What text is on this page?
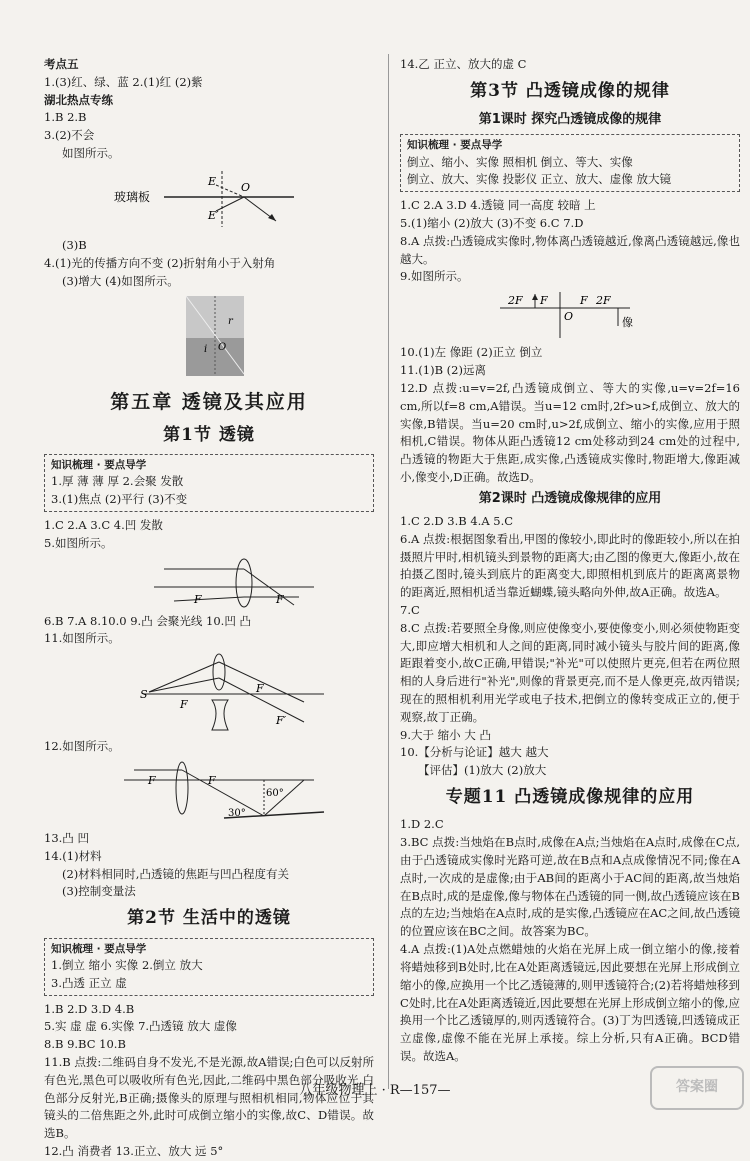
考点五
1.(3)红、绿、蓝 2.(1)红 (2)紫
湖北热点专练
1.B 2.B
3.(2)不会
如图所示。
玻璃板
E
E′
O
(3)B
4.(1)光的传播方向不变 (2)折射角小于入射角
(3)增大 (4)如图所示。
r
i O
第五章 透镜及其应用
第1节 透镜
知识梳理 · 要点导学
1.厚 薄 薄 厚 2.会聚 发散
3.(1)焦点 (2)平行 (3)不变
1.C 2.A 3.C 4.凹 发散
5.如图所示。
F	F
6.B 7.A 8.10.0 9.凸 会聚光线 10.凹 凸
11.如图所示。
S
F
F
F′
12.如图所示。
F	F
30°
60°
13.凸 凹
14.(1)材料
(2)材料相同时,凸透镜的焦距与凹凸程度有关
(3)控制变量法
第2节 生活中的透镜
知识梳理 · 要点导学
1.倒立 缩小 实像 2.倒立 放大
3.凸透 正立 虚
1.B 2.D 3.D 4.B
5.实 虚 虚 6.实像 7.凸透镜 放大 虚像
8.B 9.BC 10.B
11.B 点拨:二维码自身不发光,不是光源,故A错误;白色可以反射所有色光,黑色可以吸收所有色光,因此,二维码中黑色部分吸收光,白色部分反射光,B正确;摄像头的原理与照相机相同,物体应位于其镜头的二倍焦距之外,此时可成倒立缩小的实像,故C、D错误。故选B。
12.凸 消费者 13.正立、放大 远 5°
14.乙 正立、放大的虚 C
第3节 凸透镜成像的规律
第1课时 探究凸透镜成像的规律
知识梳理 · 要点导学
倒立、缩小、实像 照相机 倒立、等大、实像
倒立、放大、实像 投影仪 正立、放大、虚像 放大镜
1.C 2.A 3.D 4.透镜 同一高度 较暗 上
5.(1)缩小 (2)放大 (3)不变 6.C 7.D
8.A 点拨:凸透镜成实像时,物体离凸透镜越近,像离凸透镜越远,像也越大。
9.如图所示。
2F F
O
F 2F
像
10.(1)左 像距 (2)正立 倒立
11.(1)B (2)远离
12.D 点拨:u=v=2f,凸透镜成倒立、等大的实像,u=v=2f=16 cm,所以f=8 cm,A错误。当u=12 cm时,2f>u>f,成倒立、放大的实像,B错误。当u=20 cm时,u>2f,成倒立、缩小的实像,应用于照相机,C错误。物体从距凸透镜12 cm处移动到24 cm处的过程中,凸透镜的物距大于焦距,成实像,凸透镜成实像时,物距增大,像距减小,像变小,D正确。故选D。
第2课时 凸透镜成像规律的应用
1.C 2.D 3.B 4.A 5.C
6.A 点拨:根据图象看出,甲图的像较小,即此时的像距较小,所以在拍摄照片甲时,相机镜头到景物的距离大;由乙图的像更大,像距小,故在拍摄乙图时,镜头到底片的距离变大,即照相机到底片的距离离景物的距离近,照相机适当靠近蝴蝶,镜头略向外伸,故A正确。故选A。
7.C
8.C 点拨:若要照全身像,则应使像变小,要使像变小,则必须使物距变大,即应增大相机和人之间的距离,同时减小镜头与胶片间的距离,像距跟着变小,故C正确,甲错误;"补光"可以使照片更亮,但若在两位照相的人身后进行"补光",则像的背景更亮,而不是人像更亮,故丙错误;现在的照相机利用光学或电子技术,把倒立的像转变成正立的,便于观察,故丁正确。
9.大于 缩小 大 凸
10.【分析与论证】越大 越大
【评估】(1)放大 (2)放大
专题11 凸透镜成像规律的应用
1.D 2.C
3.BC 点拨:当烛焰在B点时,成像在A点;当烛焰在A点时,成像在C点,由于凸透镜成实像时光路可逆,故在B点和A点成像情况不同;像在A点时,一次成的是虚像;由于AB间的距离小于AC间的距离,故当烛焰在B点时,成的是虚像,像与物体在凸透镜的同一侧,故凸透镜应该在B点的左边;当烛焰在A点时,成的是实像,凸透镜应在AC之间,故凸透镜的位置应该在BC之间。故答案为BC。
4.A 点拨:(1)A处点燃蜡烛的火焰在光屏上成一倒立缩小的像,接着将蜡烛移到B处时,比在A处距离透镜远,因此要想在光屏上形成倒立缩小的像,应换用一个比乙透镜薄的,则甲透镜符合;(2)若将蜡烛移到C处时,比在A处距离透镜近,因此要想在光屏上形成倒立缩小的像,应换用一个比乙透镜厚的,则丙透镜符合。(3)丁为凹透镜,凹透镜成正立虚像,虚像不能在光屏上承接。综上分析,只有A正确。BCD错误。故选A。
八年级物理上 · R—157—	答案圈
